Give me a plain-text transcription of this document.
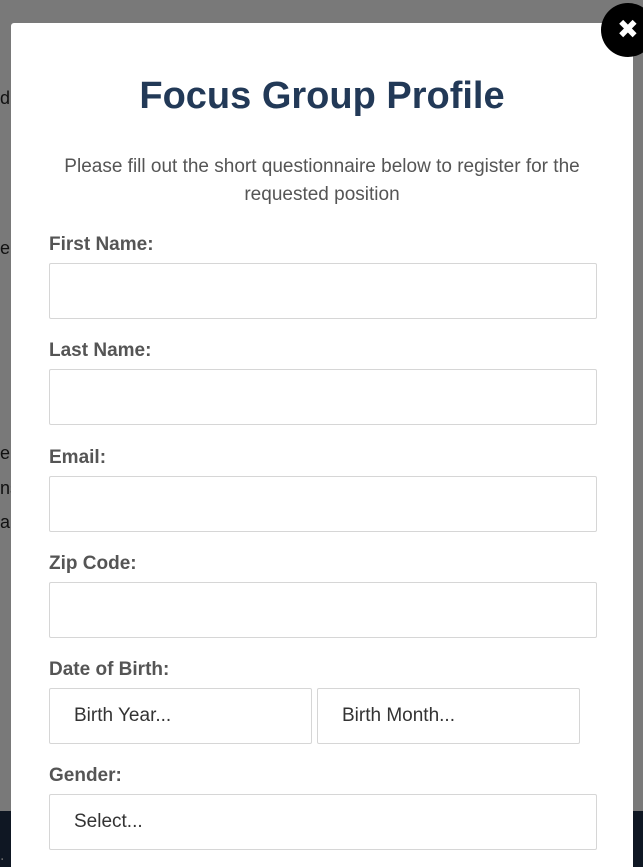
Focus Group Profile

Please fill out the short questionnaire below to register for the requested position

First Name:
Last Name:
Email:
Zip Code:
Date of Birth:
Birth Year...	Birth Month...
Gender:
Select...
✖
